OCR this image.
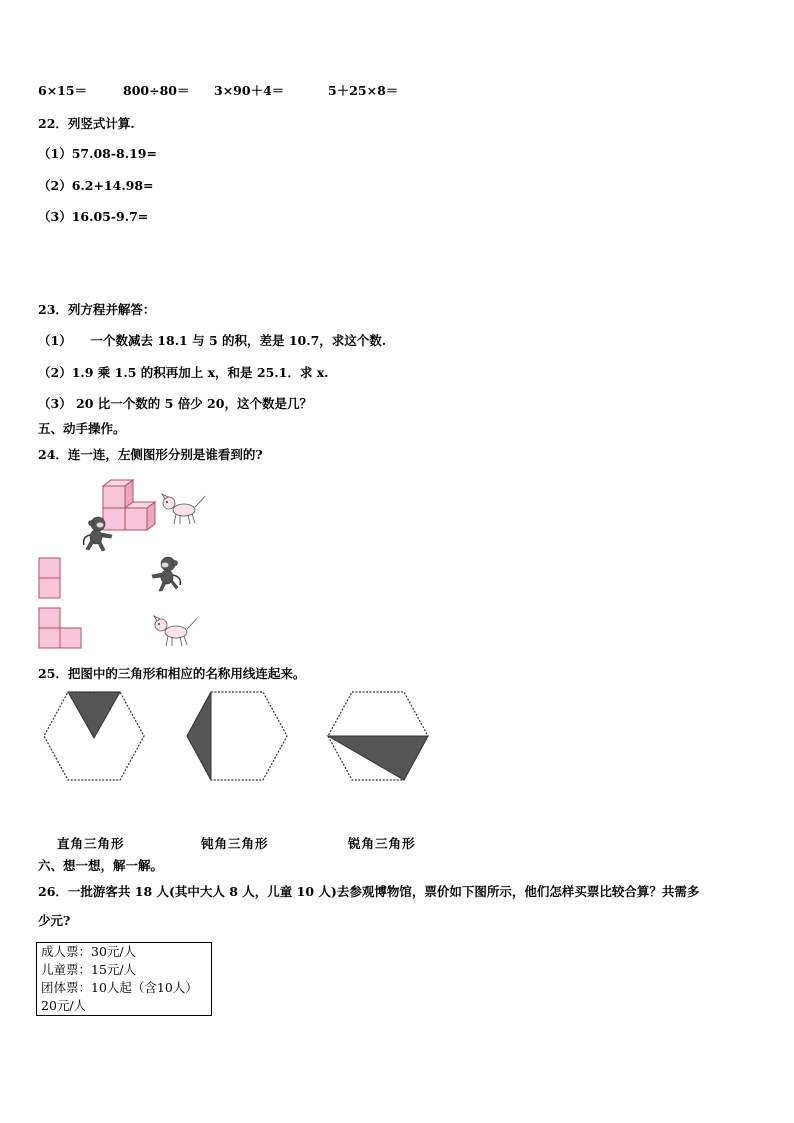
6×15＝	800÷80＝ 3×90＋4＝	5＋25×8＝
22．列竖式计算.
（1）57.08-8.19=
（2）6.2+14.98=
（3）16.05-9.7=
23．列方程并解答：
（1）　　一个数减去 18.1 与 5 的积，差是 10.7，求这个数.
（2）1.9 乘 1.5 的积再加上 x，和是 25.1．求 x.
（3） 20 比一个数的 5 倍少 20，这个数是几？
五、动手操作。
24．连一连，左侧图形分别是谁看到的?
25．把图中的三角形和相应的名称用线连起来。
直角三角形	钝角三角形	锐角三角形
六、想一想，解一解。
26．一批游客共 18 人(其中大人 8 人，儿童 10 人)去参观博物馆，票价如下图所示，他们怎样买票比较合算？共需多
少元?
成人票：30元/人
儿童票：15元/人
团体票：10人起（含10人）
20元/人
